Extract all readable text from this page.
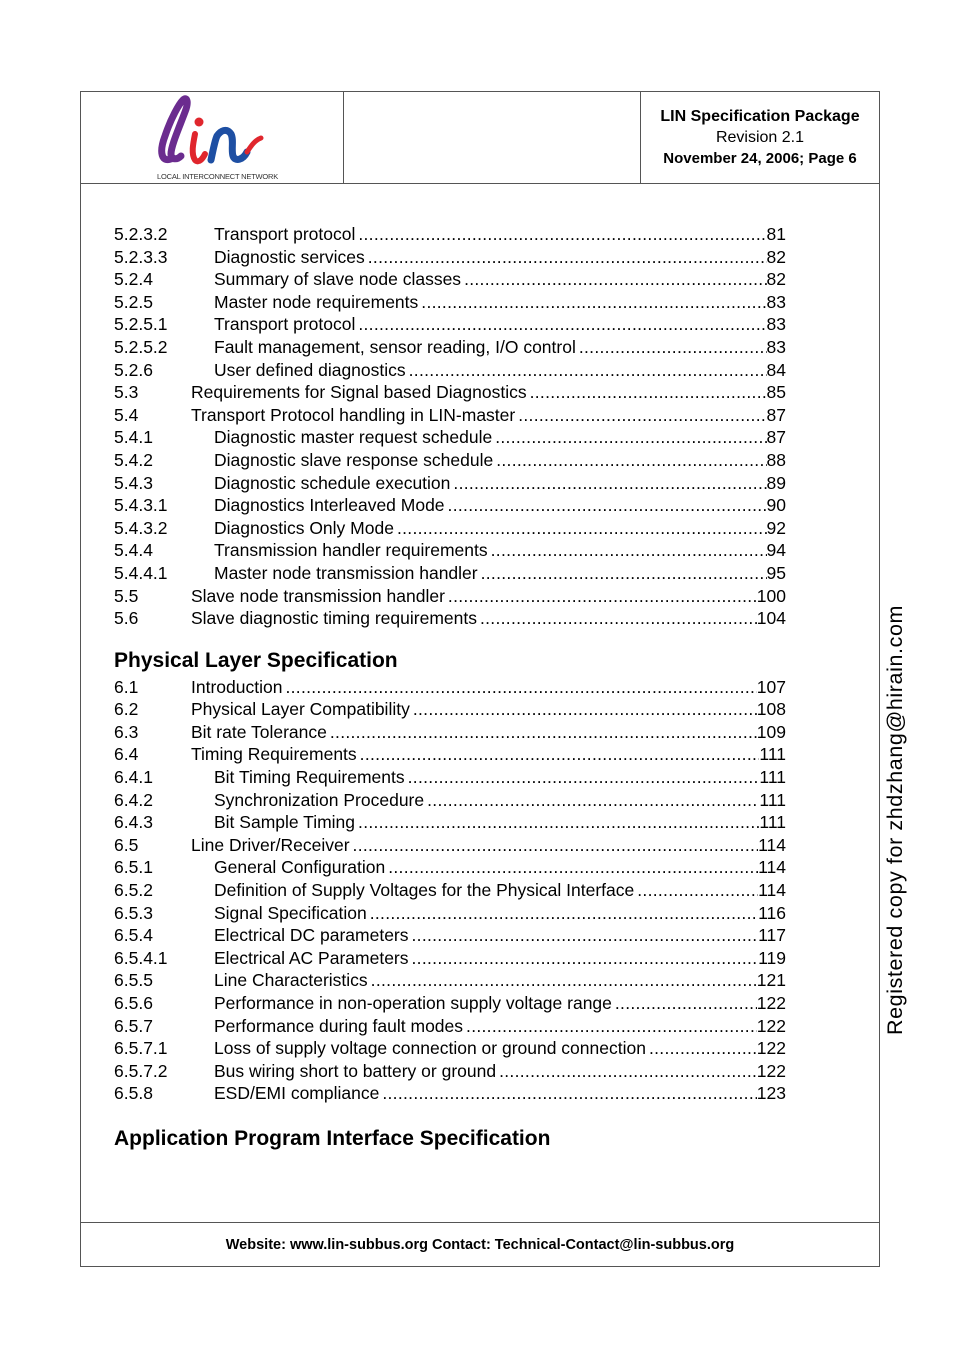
LOCAL INTERCONNECT NETWORK
LIN Specification Package
Revision 2.1
November 24, 2006; Page 6
Website: www.lin-subbus.org Contact: Technical-Contact@lin-subbus.org
5.2.3.2	Transport protocol .....	81
5.2.3.3	Diagnostic services .....	82
5.2.4	Summary of slave node classes .....	82
5.2.5	Master node requirements .....	83
5.2.5.1	Transport protocol .....	83
5.2.5.2	Fault management, sensor reading, I/O control .....	83
5.2.6	User defined diagnostics .....	84
5.3	Requirements for Signal based Diagnostics .....	85
5.4	Transport Protocol handling in LIN-master .....	87
5.4.1	Diagnostic master request schedule .....	87
5.4.2	Diagnostic slave response schedule .....	88
5.4.3	Diagnostic schedule execution .....	89
5.4.3.1	Diagnostics Interleaved Mode .....	90
5.4.3.2	Diagnostics Only Mode .....	92
5.4.4	Transmission handler requirements .....	94
5.4.4.1	Master node transmission handler .....	95
5.5	Slave node transmission handler .....	100
5.6	Slave diagnostic timing requirements .....	104
Physical Layer Specification
6.1	Introduction .....	107
6.2	Physical Layer Compatibility .....	108
6.3	Bit rate Tolerance .....	109
6.4	Timing Requirements .....	111
6.4.1	Bit Timing Requirements .....	111
6.4.2	Synchronization Procedure .....	111
6.4.3	Bit Sample Timing .....	111
6.5	Line Driver/Receiver .....	114
6.5.1	General Configuration .....	114
6.5.2	Definition of Supply Voltages for the Physical Interface .....	114
6.5.3	Signal Specification .....	116
6.5.4	Electrical DC parameters .....	117
6.5.4.1	Electrical AC Parameters .....	119
6.5.5	Line Characteristics .....	121
6.5.6	Performance in non-operation supply voltage range .....	122
6.5.7	Performance during fault modes .....	122
6.5.7.1	Loss of supply voltage connection or ground connection .....	122
6.5.7.2	Bus wiring short to battery or ground .....	122
6.5.8	ESD/EMI compliance .....	123
Application Program Interface Specification
Registered copy for zhdzhang@hirain.com
